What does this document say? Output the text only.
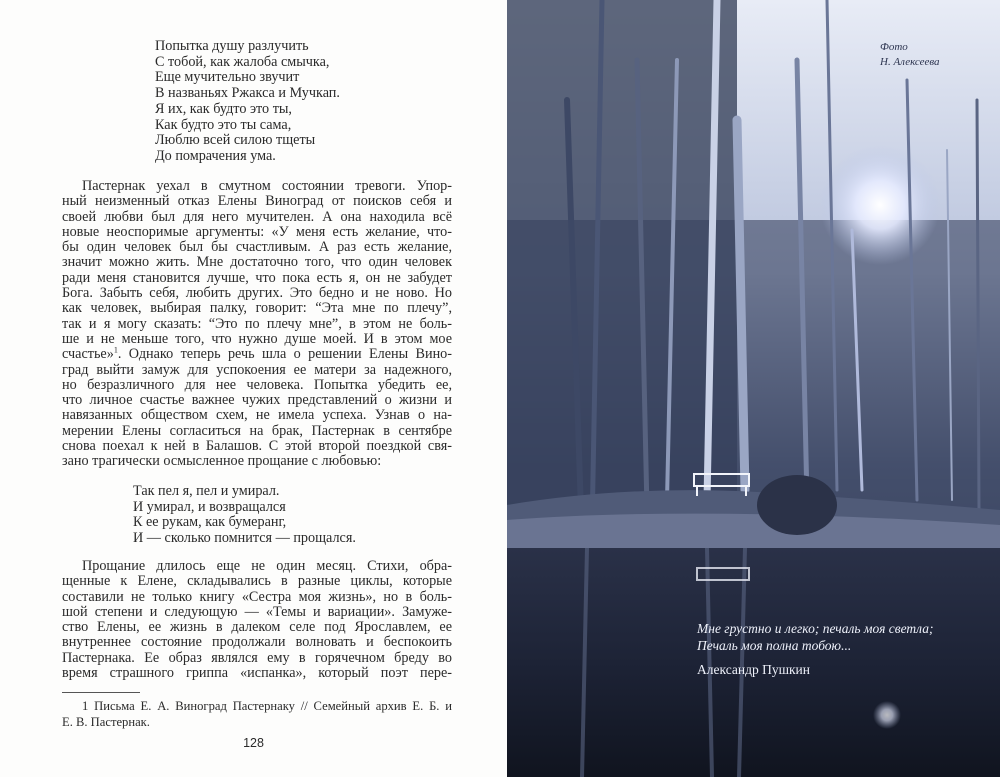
Попытка душу разлучить
С тобой, как жалоба смычка,
Еще мучительно звучит
В названьях Ржакса и Мучкап.
Я их, как будто это ты,
Как будто это ты сама,
Люблю всей силою тщеты
До помрачения ума.
Пастернак уехал в смутном состоянии тревоги. Упор-
ный неизменный отказ Елены Виноград от поисков себя и
своей любви был для него мучителен. А она находила всё
новые неоспоримые аргументы: «У меня есть желание, что-
бы один человек был бы счастливым. А раз есть желание,
значит можно жить. Мне достаточно того, что один человек
ради меня становится лучше, что пока есть я, он не забудет
Бога. Забыть себя, любить других. Это бедно и не ново. Но
как человек, выбирая палку, говорит: “Эта мне по плечу”,
так и я могу сказать: “Это по плечу мне”, в этом не боль-
ше и не меньше того, что нужно душе моей. И в этом мое
счастье»$^1$. Однако теперь речь шла о решении Елены Вино-
град выйти замуж для успокоения ее матери за надежного,
но безразличного для нее человека. Попытка убедить ее,
что личное счастье важнее чужих представлений о жизни и
навязанных обществом схем, не имела успеха. Узнав о на-
мерении Елены согласиться на брак, Пастернак в сентябре
снова поехал к ней в Балашов. С этой второй поездкой свя-
зано трагически осмысленное прощание с любовью:
Так пел я, пел и умирал.
И умирал, и возвращался
К ее рукам, как бумеранг,
И — сколько помнится — прощался.
Прощание длилось еще не один месяц. Стихи, обра-
щенные к Елене, складывались в разные циклы, которые
составили не только книгу «Сестра моя жизнь», но в боль-
шой степени и следующую — «Темы и вариации». Замуже-
ство Елены, ее жизнь в далеком селе под Ярославлем, ее
внутреннее состояние продолжали волновать и беспокоить
Пастернака. Ее образ являлся ему в горячечном бреду во
время страшного гриппа «испанка», который поэт пере-
1 Письма Е. А. Виноград Пастернаку // Семейный архив Е. Б. и
Е. В. Пастернак.
128
Фото
Н. Алексеева
Мне грустно и легко; печаль моя светла;
Печаль моя полна тобою...
Александр Пушкин
